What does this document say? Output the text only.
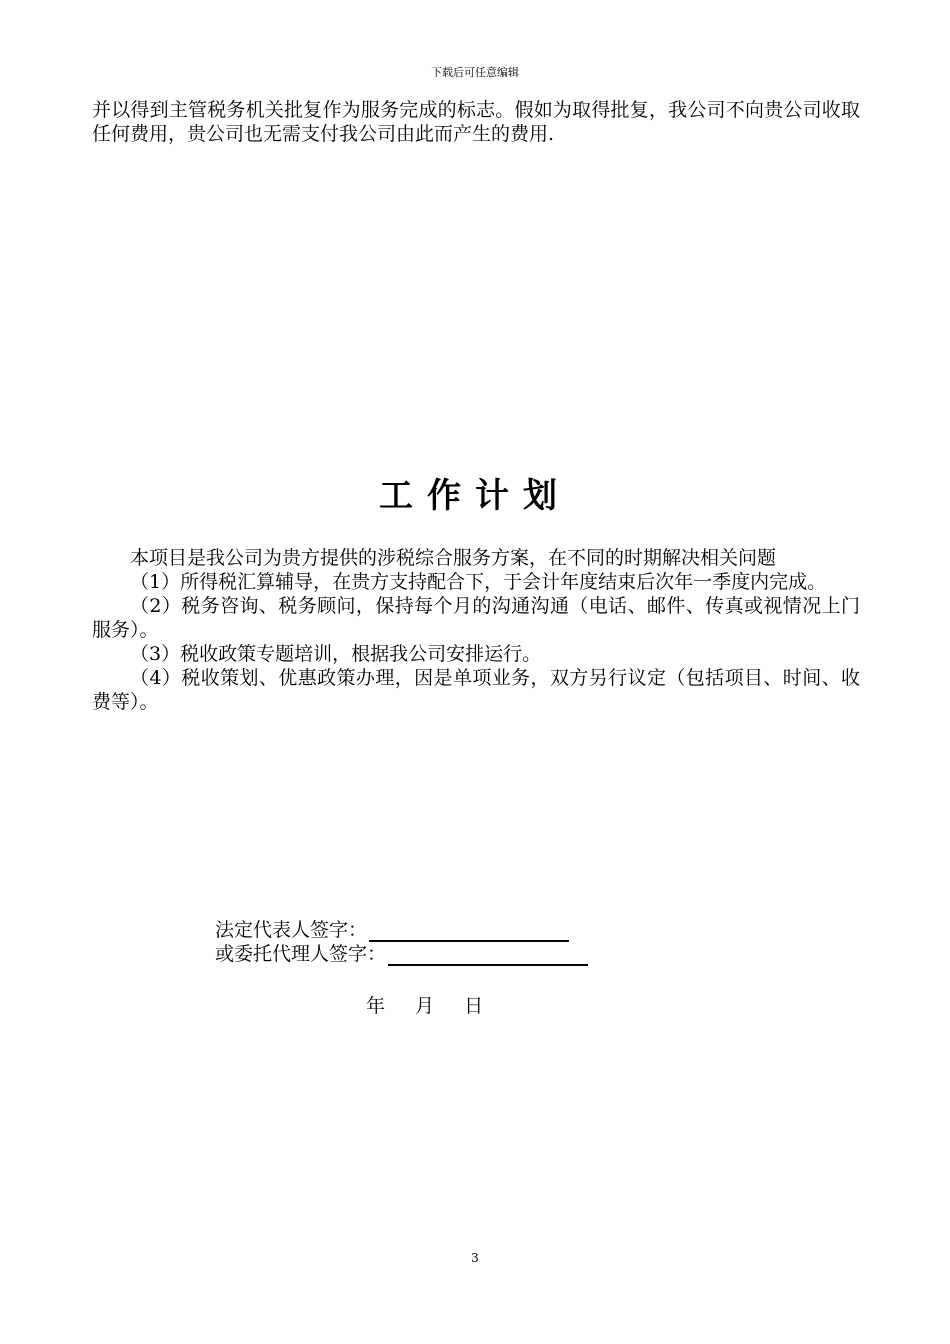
下载后可任意编辑

并以得到主管税务机关批复作为服务完成的标志。假如为取得批复，我公司不向贵公司收取任何费用，贵公司也无需支付我公司由此而产生的费用.

工作计划

本项目是我公司为贵方提供的涉税综合服务方案，在不同的时期解决相关问题

（1）所得税汇算辅导，在贵方支持配合下，于会计年度结束后次年一季度内完成。

（2）税务咨询、税务顾问，保持每个月的沟通沟通（电话、邮件、传真或视情况上门服务）。

（3）税收政策专题培训，根据我公司安排运行。

（4）税收策划、优惠政策办理，因是单项业务，双方另行议定（包括项目、时间、收费等）。

法定代表人签字：
或委托代理人签字：
年 月 日
3
